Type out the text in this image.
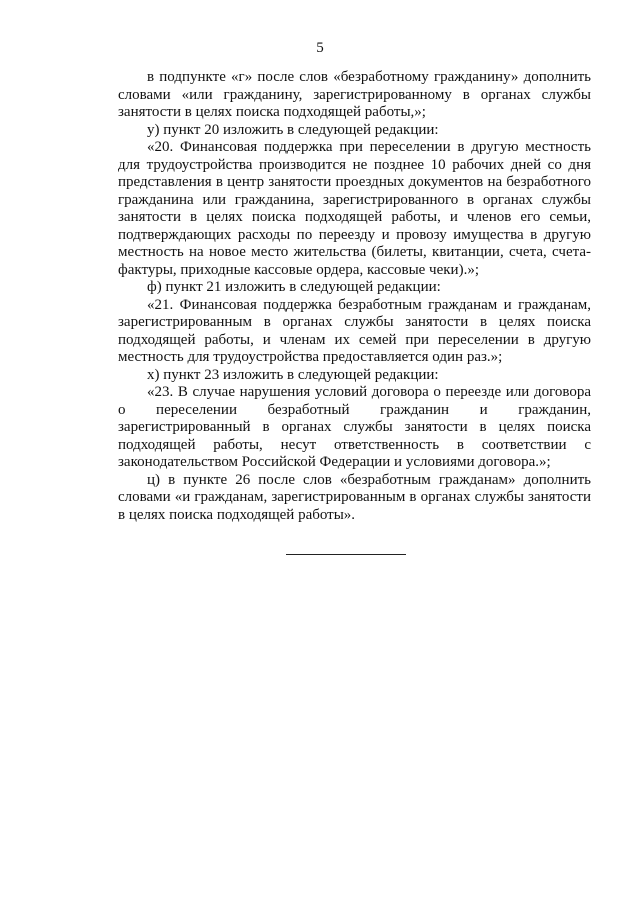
5

в подпункте «г» после слов «безработному гражданину» дополнить словами «или гражданину, зарегистрированному в органах службы занятости в целях поиска подходящей работы,»;

у) пункт 20 изложить в следующей редакции:

«20. Финансовая поддержка при переселении в другую местность для трудоустройства производится не позднее 10 рабочих дней со дня представления в центр занятости проездных документов на безработного гражданина или гражданина, зарегистрированного в органах службы занятости в целях поиска подходящей работы, и членов его семьи, подтверждающих расходы по переезду и провозу имущества в другую местность на новое место жительства (билеты, квитанции, счета, счета-фактуры, приходные кассовые ордера, кассовые чеки).»;

ф) пункт 21 изложить в следующей редакции:

«21. Финансовая поддержка безработным гражданам и гражданам, зарегистрированным в органах службы занятости в целях поиска подходящей работы, и членам их семей при переселении в другую местность для трудоустройства предоставляется один раз.»;

х) пункт 23 изложить в следующей редакции:

«23. В случае нарушения условий договора о переезде или договора о переселении безработный гражданин и гражданин, зарегистрированный в органах службы занятости в целях поиска подходящей работы, несут ответственность в соответствии с законодательством Российской Федерации и условиями договора.»;

ц) в пункте 26 после слов «безработным гражданам» дополнить словами «и гражданам, зарегистрированным в органах службы занятости в целях поиска подходящей работы».
